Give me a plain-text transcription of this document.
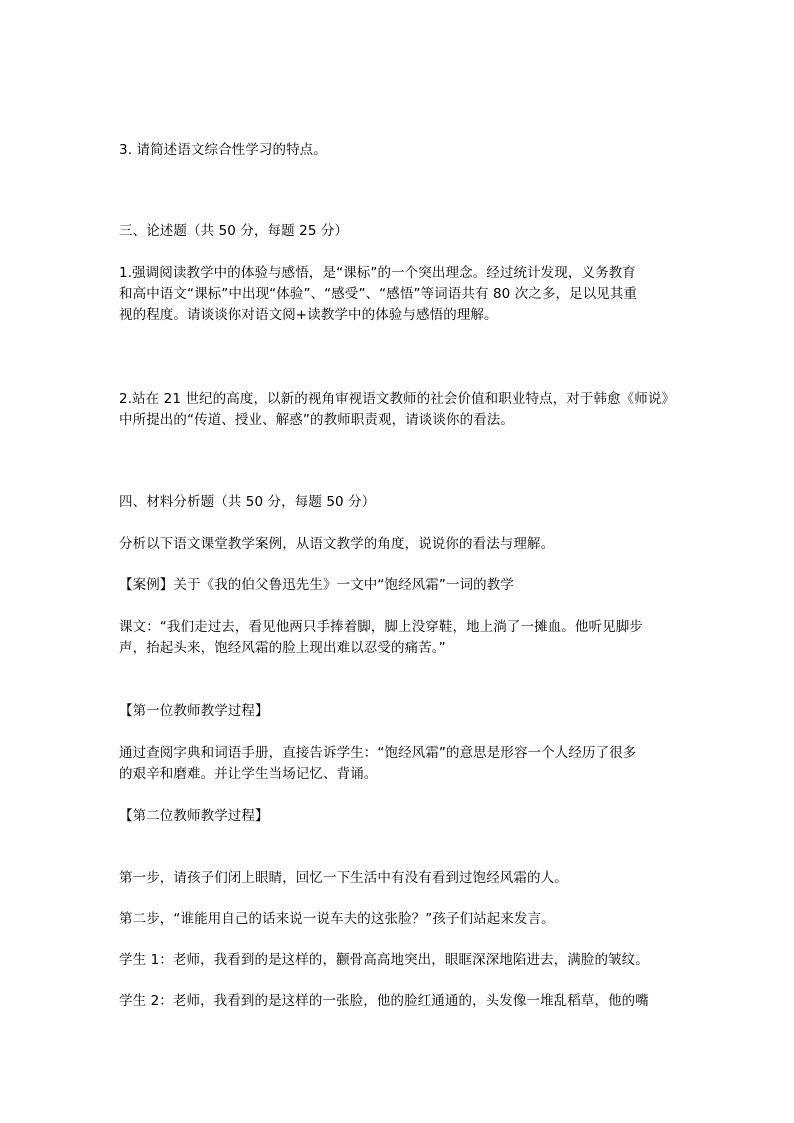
3. 请简述语文综合性学习的特点。
三、论述题（共 50 分，每题 25 分）
1.强调阅读教学中的体验与感悟，是“课标”的一个突出理念。经过统计发现，义务教育
和高中语文“课标”中出现“体验”、“感受”、“感悟”等词语共有 80 次之多，足以见其重
视的程度。请谈谈你对语文阅+读教学中的体验与感悟的理解。
2.站在 21 世纪的高度，以新的视角审视语文教师的社会价值和职业特点，对于韩愈《师说》
中所提出的“传道、授业、解惑”的教师职责观，请谈谈你的看法。
四、材料分析题（共 50 分，每题 50 分）
分析以下语文课堂教学案例，从语文教学的角度，说说你的看法与理解。
【案例】关于《我的伯父鲁迅先生》一文中“饱经风霜”一词的教学
课文：“我们走过去，看见他两只手捧着脚，脚上没穿鞋，地上淌了一摊血。他听见脚步
声，抬起头来，饱经风霜的脸上现出难以忍受的痛苦。”
【第一位教师教学过程】
通过查阅字典和词语手册，直接告诉学生：“饱经风霜”的意思是形容一个人经历了很多
的艰辛和磨难。并让学生当场记忆、背诵。
【第二位教师教学过程】
第一步，请孩子们闭上眼睛，回忆一下生活中有没有看到过饱经风霜的人。
第二步，“谁能用自己的话来说一说车夫的这张脸？”孩子们站起来发言。
学生 1：老师，我看到的是这样的，颧骨高高地突出，眼眶深深地陷进去，满脸的皱纹。
学生 2：老师，我看到的是这样的一张脸，他的脸红通通的，头发像一堆乱稻草，他的嘴
